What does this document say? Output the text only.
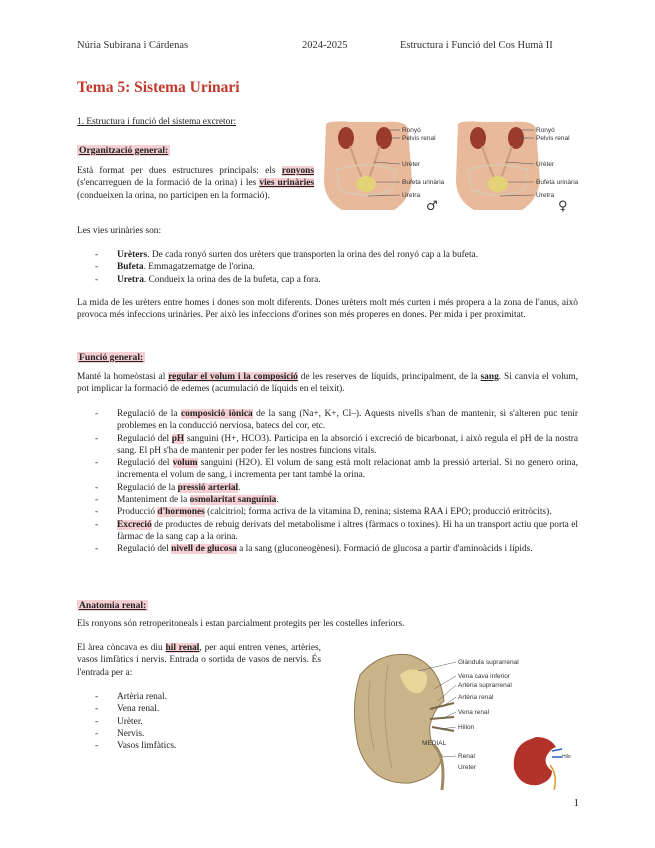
Núria Subirana i Cárdenas	2024-2025	Estructura i Funció del Cos Humà II
Tema 5: Sistema Urinari
1. Estructura i funció del sistema excretor:
Organització general:
Està format per dues estructures principals: els ronyons (s'encarreguen de la formació de la orina) i les vies urinàries (condueixen la orina, no participen en la formació).
Ronyó
Pelvis renal
Urèter
Bufeta urinària
Uretra
♂
Ronyó
Pelvis renal
Urèter
Bufeta urinària
Uretra
♀
Les vies urinàries son:
- Urèters. De cada ronyó surten dos urèters que transporten la orina des del ronyó cap a la bufeta.
- Bufeta. Emmagatzematge de l'orina.
- Uretra. Condueix la orina des de la bufeta, cap a fora.
La mida de les urèters entre homes i dones son molt diferents. Dones urèters molt més curten i més propera a la zona de l'anus, això provoca més infeccions urinàries. Per això les infeccions d'orines son més properes en dones. Per mida i per proximitat.
Funció general:
Manté la homeòstasi al regular el volum i la composició de les reserves de líquids, principalment, de la sang. Si canvia el volum, pot implicar la formació de edemes (acumulació de líquids en el teixit).
- Regulació de la composició iònica de la sang (Na+, K+, Cl–). Aquests nivells s'han de mantenir, si s'alteren puc tenir problemes en la conducció nerviosa, batecs del cor, etc.
- Regulació del pH sanguini (H+, HCO3). Participa en la absorció i excreció de bicarbonat, i això regula el pH de la nostra sang. El pH s'ha de mantenir per poder fer les nostres funcions vitals.
- Regulació del volum sanguini (H2O). El volum de sang està molt relacionat amb la pressió arterial. Si no genero orina, incrementa el volum de sang, i incrementa per tant també la orina.
- Regulació de la pressió arterial.
- Manteniment de la osmolaritat sanguínia.
- Producció d'hormones (calcitriol; forma activa de la vitamina D, renina; sistema RAA i EPO; producció eritròcits).
- Excreció de productes de rebuig derivats del metabolisme i altres (fàrmacs o toxines). Hi ha un transport actiu que porta el fàrmac de la sang cap a la orina.
- Regulació del nivell de glucosa a la sang (gluconeogènesi). Formació de glucosa a partir d'aminoàcids i lípids.
Anatomia renal:
Els ronyons són retroperitoneals i estan parcialment protegits per les costelles inferiors.
El àrea còncava es diu hil renal, per aquí entren venes, artèries, vasos limfàtics i nervis. Entrada o sortida de vasos de nervis. És l'entrada per a:
- Artèria renal.
- Vena renal.
- Urèter.
- Nervis.
- Vasos limfàtics.
Glàndula suprarrenal
Vena cava inferior
Artèria suprarrenal
Artèria renal
Vena renal
Hilion
MEDIAL
Renal
Ureter
Hilo
1
